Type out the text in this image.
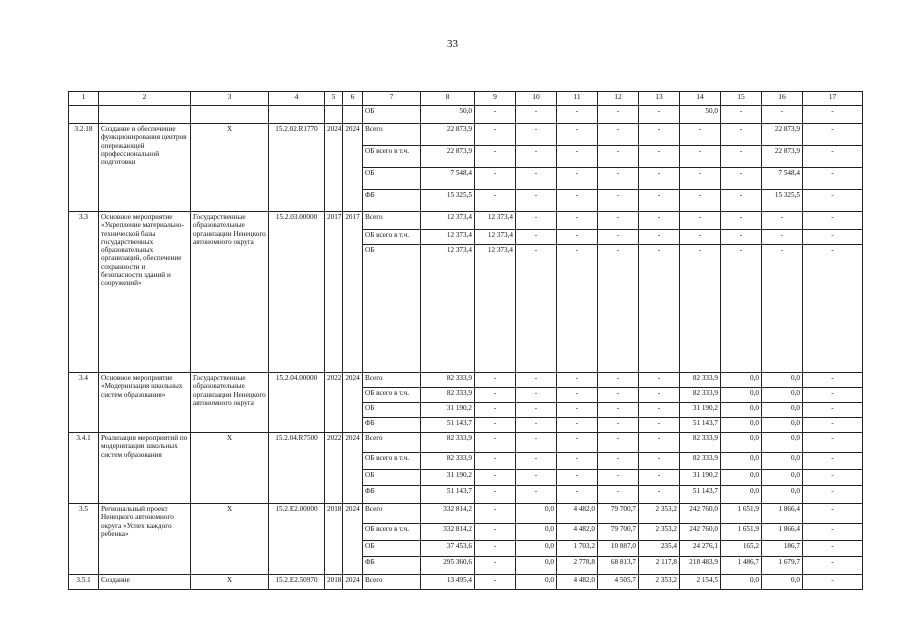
33
1	2	3	4	5	6	7	8	9	10	11	12	13	14	15	16	17
						ОБ	50,0	-	-	-	-	-	50,0	-	-	-
3.2.18	Создание и обеспечение функционирования центров опережающей профессиональной подготовки	Х	15.2.02.R1770	2024	2024	Всего	22 873,9	-	-	-	-	-	-	-	22 873,9	-
						ОБ всего в т.ч.	22 873,9	-	-	-	-	-	-	-	22 873,9	-
						ОБ	7 548,4	-	-	-	-	-	-	-	7 548,4	-
						ФБ	15 325,5	-	-	-	-	-	-	-	15 325,5	-
3.3	Основное мероприятие «Укрепление материально-технической базы государственных образовательных организаций, обеспечение сохранности и безопасности зданий и сооружений»	Государственные образовательные организации Ненецкого автономного округа	15.2.03.00000	2017	2017	Всего	12 373,4	12 373,4	-	-	-	-	-	-	-	-
						ОБ всего в т.ч.	12 373,4	12 373,4	-	-	-	-	-	-	-	-
						ОБ	12 373,4	12 373,4	-	-	-	-	-	-	-	-
3.4	Основное мероприятие «Модернизация школьных систем образования»	Государственные образовательные организации Ненецкого автономного округа	15.2.04.00000	2022	2024	Всего	82 333,9	-	-	-	-	-	82 333,9	0,0	0,0	-
						ОБ всего в т.ч.	82 333,9	-	-	-	-	-	82 333,9	0,0	0,0	-
						ОБ	31 190,2	-	-	-	-	-	31 190,2	0,0	0,0	-
						ФБ	51 143,7	-	-	-	-	-	51 143,7	0,0	0,0	-
3.4.1	Реализация мероприятий по модернизации школьных систем образования	Х	15.2.04.R7500	2022	2024	Всего	82 333,9	-	-	-	-	-	82 333,9	0,0	0,0	-
						ОБ всего в т.ч.	82 333,9	-	-	-	-	-	82 333,9	0,0	0,0	-
						ОБ	31 190,2	-	-	-	-	-	31 190,2	0,0	0,0	-
						ФБ	51 143,7	-	-	-	-	-	51 143,7	0,0	0,0	-
3.5	Региональный проект Ненецкого автономного округа «Успех каждого ребенка»	Х	15.2.E2.00000	2018	2024	Всего	332 814,2	-	0,0	4 482,0	79 700,7	2 353,2	242 760,0	1 651,9	1 866,4	-
						ОБ всего в т.ч.	332 814,2	-	0,0	4 482,0	79 700,7	2 353,2	242 760,0	1 651,9	1 866,4	-
						ОБ	37 453,6	-	0,0	1 703,2	10 887,0	235,4	24 276,1	165,2	186,7	-
						ФБ	295 360,6	-	0,0	2 778,8	68 813,7	2 117,8	218 483,9	1 486,7	1 679,7	-
3.5.1	Создание	Х	15.2.E2.50970	2018	2024	Всего	13 495,4	-	0,0	4 482,0	4 505,7	2 353,2	2 154,5	0,0	0,0	-
